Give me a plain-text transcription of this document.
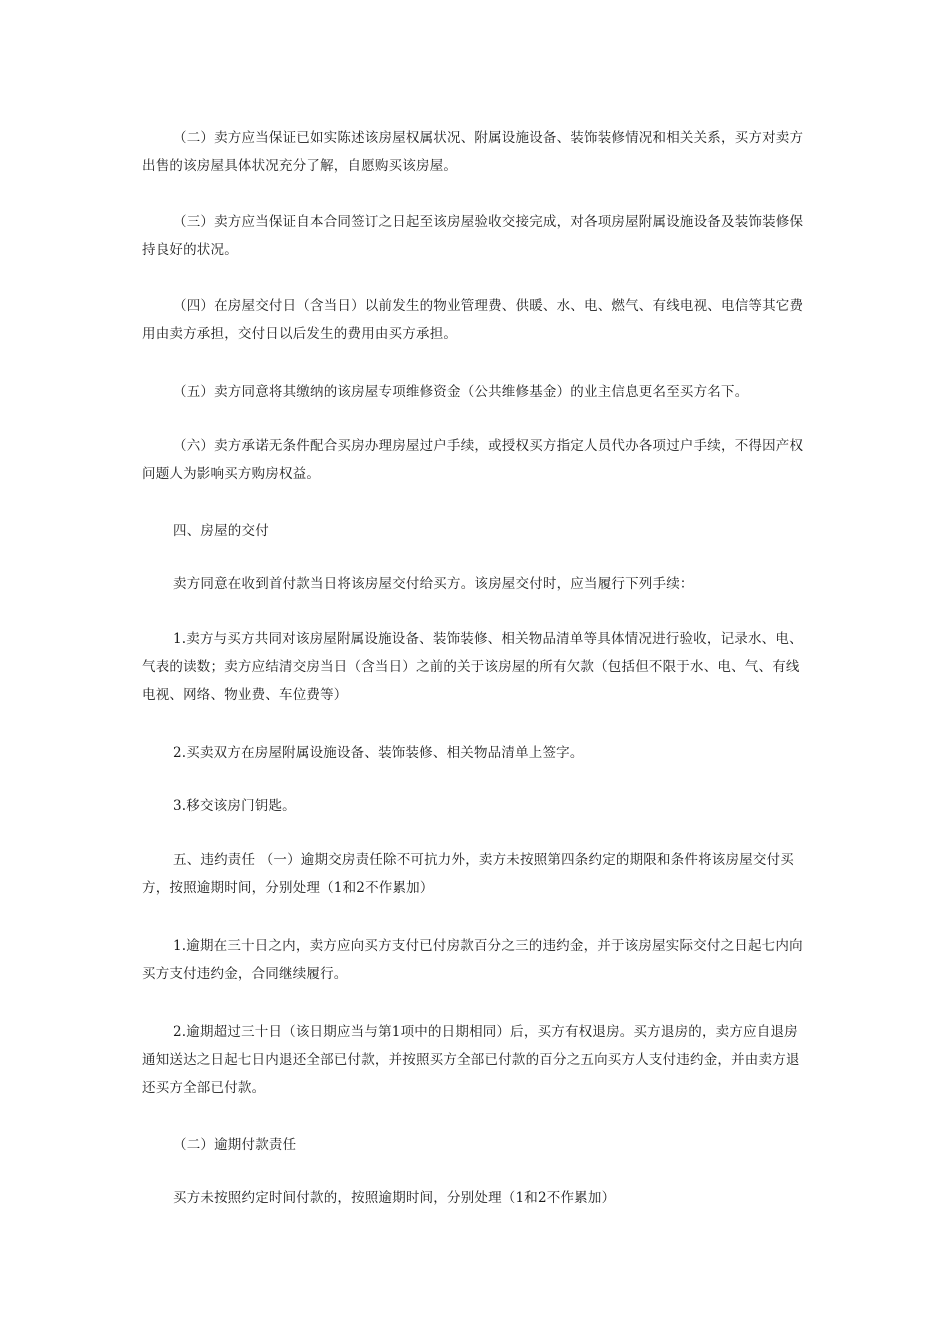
（二）卖方应当保证已如实陈述该房屋权属状况、附属设施设备、装饰装修情况和相关关系，买方对卖方出售的该房屋具体状况充分了解，自愿购买该房屋。

（三）卖方应当保证自本合同签订之日起至该房屋验收交接完成，对各项房屋附属设施设备及装饰装修保持良好的状况。

（四）在房屋交付日（含当日）以前发生的物业管理费、供暖、水、电、燃气、有线电视、电信等其它费用由卖方承担，交付日以后发生的费用由买方承担。

（五）卖方同意将其缴纳的该房屋专项维修资金（公共维修基金）的业主信息更名至买方名下。

（六）卖方承诺无条件配合买房办理房屋过户手续，或授权买方指定人员代办各项过户手续，不得因产权问题人为影响买方购房权益。

四、房屋的交付

卖方同意在收到首付款当日将该房屋交付给买方。该房屋交付时，应当履行下列手续：

1.卖方与买方共同对该房屋附属设施设备、装饰装修、相关物品清单等具体情况进行验收，记录水、电、气表的读数；卖方应结清交房当日（含当日）之前的关于该房屋的所有欠款（包括但不限于水、电、气、有线电视、网络、物业费、车位费等）

2.买卖双方在房屋附属设施设备、装饰装修、相关物品清单上签字。

3.移交该房门钥匙。

五、违约责任 （一）逾期交房责任除不可抗力外，卖方未按照第四条约定的期限和条件将该房屋交付买方，按照逾期时间，分别处理（1和2不作累加）

1.逾期在三十日之内，卖方应向买方支付已付房款百分之三的违约金，并于该房屋实际交付之日起七内向买方支付违约金，合同继续履行。

2.逾期超过三十日（该日期应当与第1项中的日期相同）后，买方有权退房。买方退房的，卖方应自退房通知送达之日起七日内退还全部已付款，并按照买方全部已付款的百分之五向买方人支付违约金，并由卖方退还买方全部已付款。

（二）逾期付款责任

买方未按照约定时间付款的，按照逾期时间，分别处理（1和2不作累加）
